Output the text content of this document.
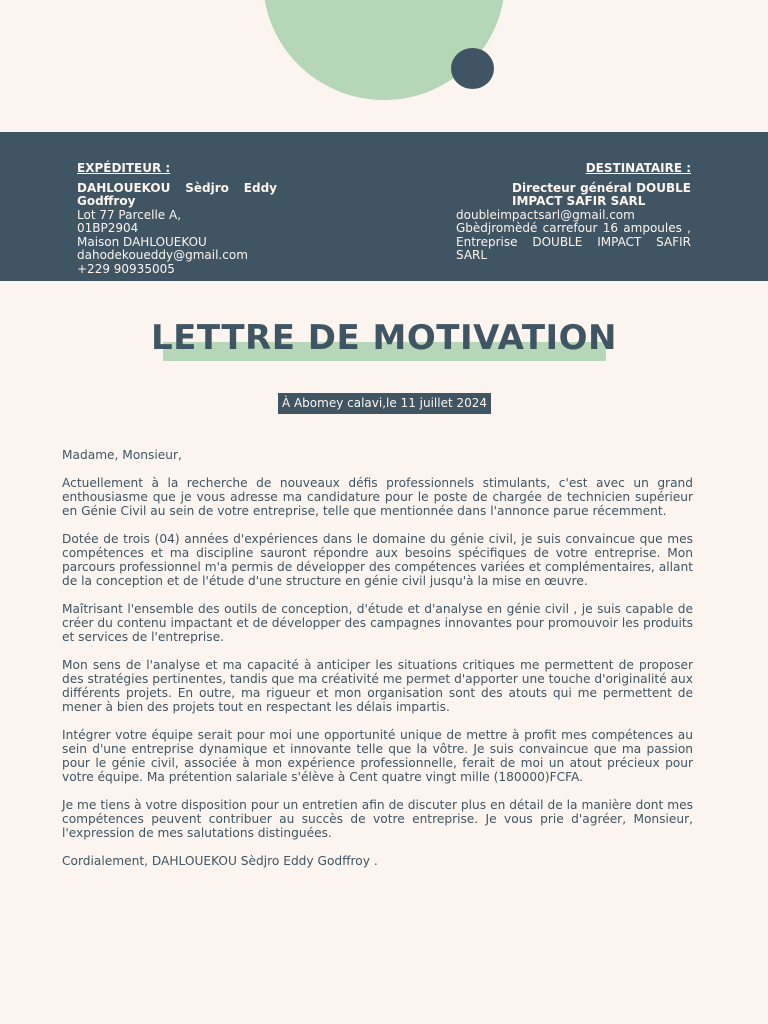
EXPÉDITEUR :
DAHLOUEKOU Sèdjro Eddy Godffroy
Lot 77 Parcelle A,
01BP2904
Maison DAHLOUEKOU
dahodekoueddy@gmail.com
+229 90935005
DESTINATAIRE :
Directeur général DOUBLE IMPACT SAFIR SARL
doubleimpactsarl@gmail.com
Gbèdjromèdé carrefour 16 ampoules ,
Entreprise DOUBLE IMPACT SAFIR
SARL
LETTRE DE MOTIVATION
À Abomey calavi,le 11 juillet 2024

Madame, Monsieur,

Actuellement à la recherche de nouveaux défis professionnels stimulants, c'est avec un grand enthousiasme que je vous adresse ma candidature pour le poste de chargée de technicien supérieur en Génie Civil au sein de votre entreprise, telle que mentionnée dans l'annonce parue récemment.

Dotée de trois (04) années d'expériences dans le domaine du génie civil, je suis convaincue que mes compétences et ma discipline sauront répondre aux besoins spécifiques de votre entreprise. Mon parcours professionnel m'a permis de développer des compétences variées et complémentaires, allant de la conception et de l'étude d'une structure en génie civil jusqu'à la mise en œuvre.

Maîtrisant l'ensemble des outils de conception, d'étude et d'analyse en génie civil , je suis capable de créer du contenu impactant et de développer des campagnes innovantes pour promouvoir les produits et services de l'entreprise.

Mon sens de l'analyse et ma capacité à anticiper les situations critiques me permettent de proposer des stratégies pertinentes, tandis que ma créativité me permet d'apporter une touche d'originalité aux différents projets. En outre, ma rigueur et mon organisation sont des atouts qui me permettent de mener à bien des projets tout en respectant les délais impartis.

Intégrer votre équipe serait pour moi une opportunité unique de mettre à profit mes compétences au sein d'une entreprise dynamique et innovante telle que la vôtre. Je suis convaincue que ma passion pour le génie civil, associée à mon expérience professionnelle, ferait de moi un atout précieux pour votre équipe. Ma prétention salariale s'élève à Cent quatre vingt mille (180000)FCFA.

Je me tiens à votre disposition pour un entretien afin de discuter plus en détail de la manière dont mes compétences peuvent contribuer au succès de votre entreprise. Je vous prie d'agréer, Monsieur, l'expression de mes salutations distinguées.

Cordialement, DAHLOUEKOU Sèdjro Eddy Godffroy .
